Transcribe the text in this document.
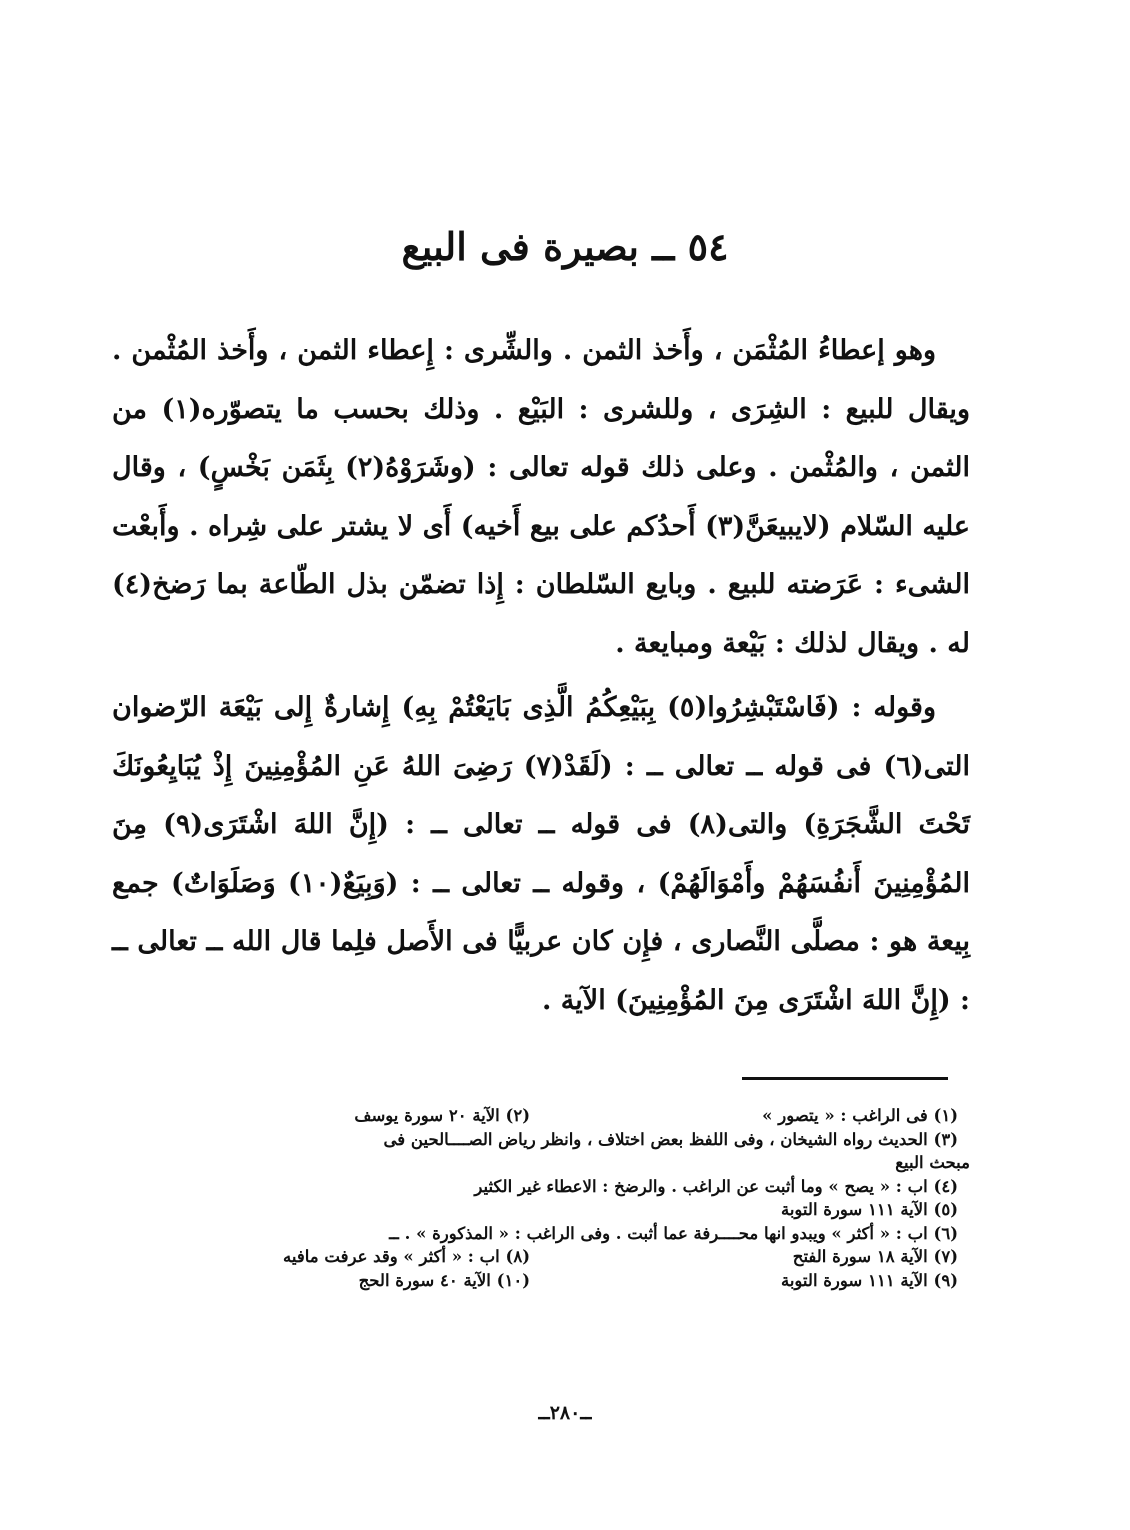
٥٤ ــ بصيرة فى البيع

وهو إعطاءُ المُثْمَن ، وأَخذ الثمن . والشِّرى : إِعطاء الثمن ، وأَخذ المُثْمن . ويقال للبيع : الشِرَى ، وللشرى : البَيْع . وذلك بحسب ما يتصوّره(١) من الثمن ، والمُثْمن . وعلى ذلك قوله تعالى : (وشَرَوْهُ(٢) بِثَمَن بَخْسٍ) ، وقال عليه السّلام (لايبيعَنَّ(٣) أَحدُكم على بيع أَخيه) أَى لا يشتر على شِراه . وأَبعْت الشىء : عَرَضته للبيع . وبايع السّلطان : إِذا تضمّن بذل الطّاعة بما رَضخ(٤) له . ويقال لذلك : بَيْعة ومبايعة .

وقوله : (فَاسْتَبْشِرُوا(٥) بِبَيْعِكُمُ الَّذِى بَايَعْتُمْ بِهِ) إِشارةٌ إِلى بَيْعَة الرّضوان التى(٦) فى قوله ــ تعالى ــ : (لَقَدْ(٧) رَضِىَ اللهُ عَنِ المُؤْمِنِينَ إِذْ يُبَايِعُونَكَ تَحْتَ الشَّجَرَةِ) والتى(٨) فى قوله ــ تعالى ــ : (إِنَّ اللهَ اشْتَرَى(٩) مِنَ المُؤْمِنِينَ أَنفُسَهُمْ وأَمْوَالَهُمْ) ، وقوله ــ تعالى ــ : (وَبِيَعٌ(١٠) وَصَلَوَاتٌ) جمع بِيعة هو : مصلَّى النَّصارى ، فإِن كان عربيًّا فى الأَصل فلِما قال الله ــ تعالى ــ : (إِنَّ اللهَ اشْتَرَى مِنَ المُؤْمِنِينَ) الآية .

(١) فى الراغب : « يتصور »
(٢) الآية ٢٠ سورة يوسف
(٣) الحديث رواه الشيخان ، وفى اللفظ بعض اختلاف ، وانظر رياض الصــــالحين فى
مبحث البيع
(٤) اب : « يصح » وما أثبت عن الراغب . والرضخ : الاعطاء غير الكثير
(٥) الآية ١١١ سورة التوبة
(٦) اب : « أكثر » ويبدو انها محــــرفة عما أثبت . وفى الراغب : « المذكورة » . ــ
(٧) الآية ١٨ سورة الفتح
(٨) اب : « أكثر » وقد عرفت مافيه
(٩) الآية ١١١ سورة التوبة
(١٠) الآية ٤٠ سورة الحج
ــ٢٨٠ــ
